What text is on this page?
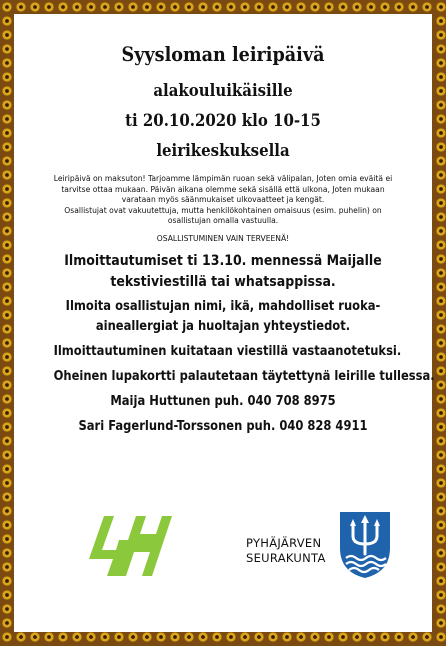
Syysloman leiripäivä

alakouluikäisille

ti 20.10.2020 klo 10-15

leirikeskuksella

Leiripäivä on maksuton! Tarjoamme lämpimän ruoan sekä välipalan, Joten omia eväitä ei

tarvitse ottaa mukaan. Päivän aikana olemme sekä sisällä että ulkona, Joten mukaan

varataan myös säänmukaiset ulkovaatteet ja kengät.

Osallistujat ovat vakuutettuja, mutta henkilökohtainen omaisuus (esim. puhelin) on

osallistujan omalla vastuulla.

OSALLISTUMINEN VAIN TERVEENÄ!

Ilmoittautumiset ti 13.10. mennessä Maijalle

tekstiviestillä tai whatsappissa.

Ilmoita osallistujan nimi, ikä, mahdolliset ruoka-

aineallergiat ja huoltajan yhteystiedot.

Ilmoittautuminen kuitataan viestillä vastaanotetuksi.

Oheinen lupakortti palautetaan täytettynä leirille tullessa.

Maija Huttunen puh. 040 708 8975

Sari Fagerlund-Torssonen puh. 040 828 4911

PYHÄJÄRVEN
SEURAKUNTA
